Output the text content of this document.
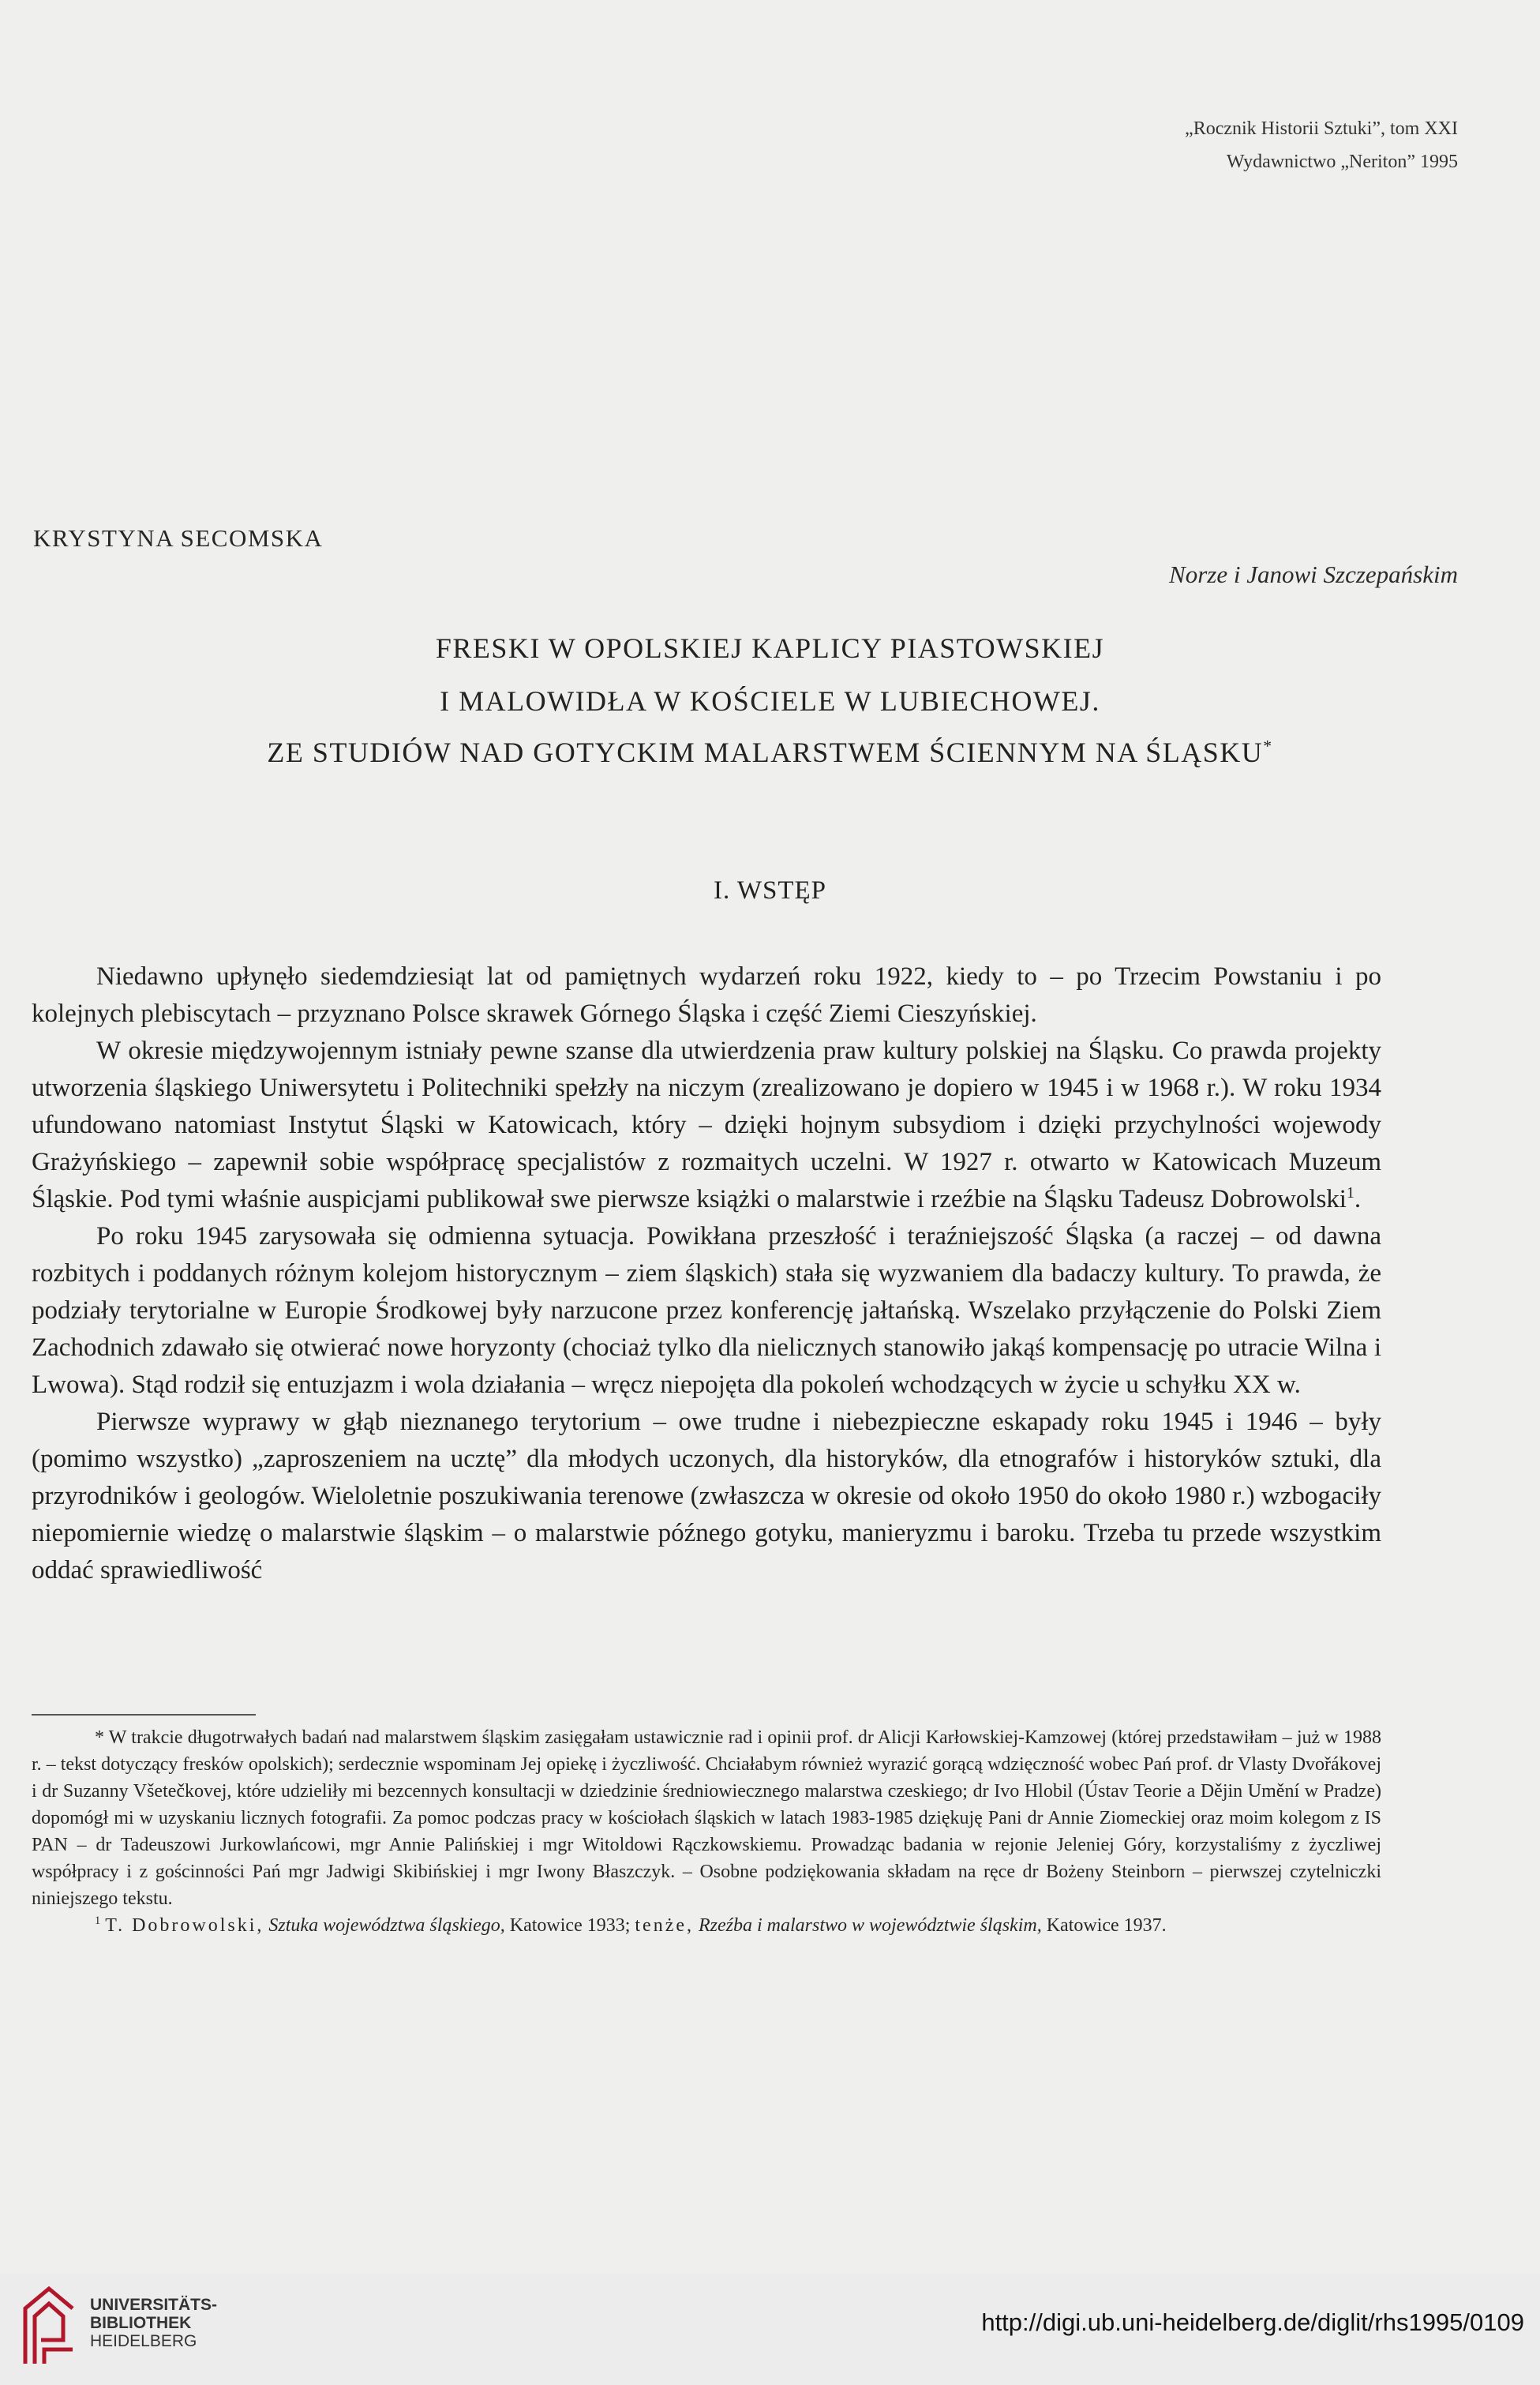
„Rocznik Historii Sztuki”, tom XXI
Wydawnictwo „Neriton” 1995
KRYSTYNA SECOMSKA
Norze i Janowi Szczepańskim
FRESKI W OPOLSKIEJ KAPLICY PIASTOWSKIEJ
I MALOWIDŁA W KOŚCIELE W LUBIECHOWEJ.
ZE STUDIÓW NAD GOTYCKIM MALARSTWEM ŚCIENNYM NA ŚLĄSKU*
I. WSTĘP

Niedawno upłynęło siedemdziesiąt lat od pamiętnych wydarzeń roku 1922, kiedy to – po Trzecim Powstaniu i po kolejnych plebiscytach – przyznano Polsce skrawek Górnego Śląska i część Ziemi Cieszyńskiej.

W okresie międzywojennym istniały pewne szanse dla utwierdzenia praw kultury polskiej na Śląsku. Co prawda projekty utworzenia śląskiego Uniwersytetu i Politechniki spełzły na niczym (zrealizowano je dopiero w 1945 i w 1968 r.). W roku 1934 ufundowano natomiast Instytut Śląski w Katowicach, który – dzięki hojnym subsydiom i dzięki przychylności wojewody Grażyńskiego – zapewnił sobie współpracę specjalistów z rozmaitych uczelni. W 1927 r. otwarto w Katowicach Muzeum Śląskie. Pod tymi właśnie auspicjami publikował swe pierwsze książki o malarstwie i rzeźbie na Śląsku Tadeusz Dobrowolski$^1$.

Po roku 1945 zarysowała się odmienna sytuacja. Powikłana przeszłość i teraźniejszość Śląska (a raczej – od dawna rozbitych i poddanych różnym kolejom historycznym – ziem śląskich) stała się wyzwaniem dla badaczy kultury. To prawda, że podziały terytorialne w Europie Środkowej były narzucone przez konferencję jałtańską. Wszelako przyłączenie do Polski Ziem Zachodnich zdawało się otwierać nowe horyzonty (chociaż tylko dla nielicznych stanowiło jakąś kompensację po utracie Wilna i Lwowa). Stąd rodził się entuzjazm i wola działania – wręcz niepojęta dla pokoleń wchodzących w życie u schyłku XX w.

Pierwsze wyprawy w głąb nieznanego terytorium – owe trudne i niebezpieczne eskapady roku 1945 i 1946 – były (pomimo wszystko) „zaproszeniem na ucztę” dla młodych uczonych, dla historyków, dla etnografów i historyków sztuki, dla przyrodników i geologów. Wieloletnie poszukiwania terenowe (zwłaszcza w okresie od około 1950 do około 1980 r.) wzbogaciły niepomiernie wiedzę o malarstwie śląskim – o malarstwie późnego gotyku, manieryzmu i baroku. Trzeba tu przede wszystkim oddać sprawiedliwość

* W trakcie długotrwałych badań nad malarstwem śląskim zasięgałam ustawicznie rad i opinii prof. dr Alicji Karłowskiej-Kamzowej (której przedstawiłam – już w 1988 r. – tekst dotyczący fresków opolskich); serdecznie wspominam Jej opiekę i życzliwość. Chciałabym również wyrazić gorącą wdzięczność wobec Pań prof. dr Vlasty Dvořákovej i dr Suzanny Všetečkovej, które udzieliły mi bezcennych konsultacji w dziedzinie średniowiecznego malarstwa czeskiego; dr Ivo Hlobil (Ústav Teorie a Dějin Umění w Pradze) dopomógł mi w uzyskaniu licznych fotografii. Za pomoc podczas pracy w kościołach śląskich w latach 1983-1985 dziękuję Pani dr Annie Ziomeckiej oraz moim kolegom z IS PAN – dr Tadeuszowi Jurkowlańcowi, mgr Annie Palińskiej i mgr Witoldowi Rączkowskiemu. Prowadząc badania w rejonie Jeleniej Góry, korzystaliśmy z życzliwej współpracy i z gościnności Pań mgr Jadwigi Skibińskiej i mgr Iwony Błaszczyk. – Osobne podziękowania składam na ręce dr Bożeny Steinborn – pierwszej czytelniczki niniejszego tekstu.

$^1$ T. Dobrowolski, Sztuka województwa śląskiego, Katowice 1933; tenże, Rzeźba i malarstwo w województwie śląskim, Katowice 1937.

UNIVERSITÄTS-
BIBLIOTHEK
HEIDELBERG
http://digi.ub.uni-heidelberg.de/diglit/rhs1995/0109
